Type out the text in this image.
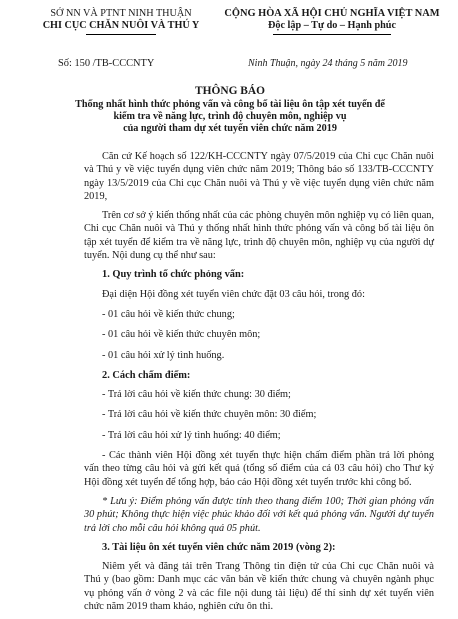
SỞ NN VÀ PTNT NINH THUẬN
CHI CỤC CHĂN NUÔI VÀ THÚ Y
CỘNG HÒA XÃ HỘI CHỦ NGHĨA VIỆT NAM
Độc lập – Tự do – Hạnh phúc
Số: 150 /TB-CCCNTY	Ninh Thuận, ngày 24 tháng 5 năm 2019
THÔNG BÁO
Thống nhất hình thức phỏng vấn và công bố tài liệu ôn tập xét tuyển để
kiểm tra về năng lực, trình độ chuyên môn, nghiệp vụ
của người tham dự xét tuyển viên chức năm 2019

Căn cứ Kế hoạch số 122/KH-CCCNTY ngày 07/5/2019 của Chi cục Chăn nuôi và Thú y về việc tuyển dụng viên chức năm 2019; Thông báo số 133/TB-CCCNTY ngày 13/5/2019 của Chi cục Chăn nuôi và Thú y về việc tuyển dụng viên chức năm 2019,

Trên cơ sở ý kiến thống nhất của các phòng chuyên môn nghiệp vụ có liên quan, Chi cục Chăn nuôi và Thú y thống nhất hình thức phỏng vấn và công bố tài liệu ôn tập xét tuyển để kiểm tra về năng lực, trình độ chuyên môn, nghiệp vụ của người dự tuyển. Nội dung cụ thể như sau:

1. Quy trình tổ chức phỏng vấn:

Đại diện Hội đồng xét tuyển viên chức đặt 03 câu hỏi, trong đó:

- 01 câu hỏi về kiến thức chung;

- 01 câu hỏi về kiến thức chuyên môn;

- 01 câu hỏi xử lý tình huống.

2. Cách chấm điểm:

- Trả lời câu hỏi về kiến thức chung: 30 điểm;

- Trả lời câu hỏi về kiến thức chuyên môn: 30 điểm;

- Trả lời câu hỏi xử lý tình huống: 40 điểm;

- Các thành viên Hội đồng xét tuyển thực hiện chấm điểm phần trả lời phỏng vấn theo từng câu hỏi và gửi kết quả (tổng số điểm của cả 03 câu hỏi) cho Thư ký Hội đồng xét tuyển để tổng hợp, báo cáo Hội đồng xét tuyển trước khi công bố.

* Lưu ý: Điểm phỏng vấn được tính theo thang điểm 100; Thời gian phỏng vấn 30 phút; Không thực hiện việc phúc khảo đối với kết quả phỏng vấn. Người dự tuyển trả lời cho mỗi câu hỏi không quá 05 phút.

3. Tài liệu ôn xét tuyển viên chức năm 2019 (vòng 2):

Niêm yết và đăng tải trên Trang Thông tin điện tử của Chi cục Chăn nuôi và Thú y (bao gồm: Danh mục các văn bản về kiến thức chung và chuyên ngành phục vụ phỏng vấn ở vòng 2 và các file nội dung tài liệu) để thí sinh dự xét tuyển viên chức năm 2019 tham khảo, nghiên cứu ôn thi.
